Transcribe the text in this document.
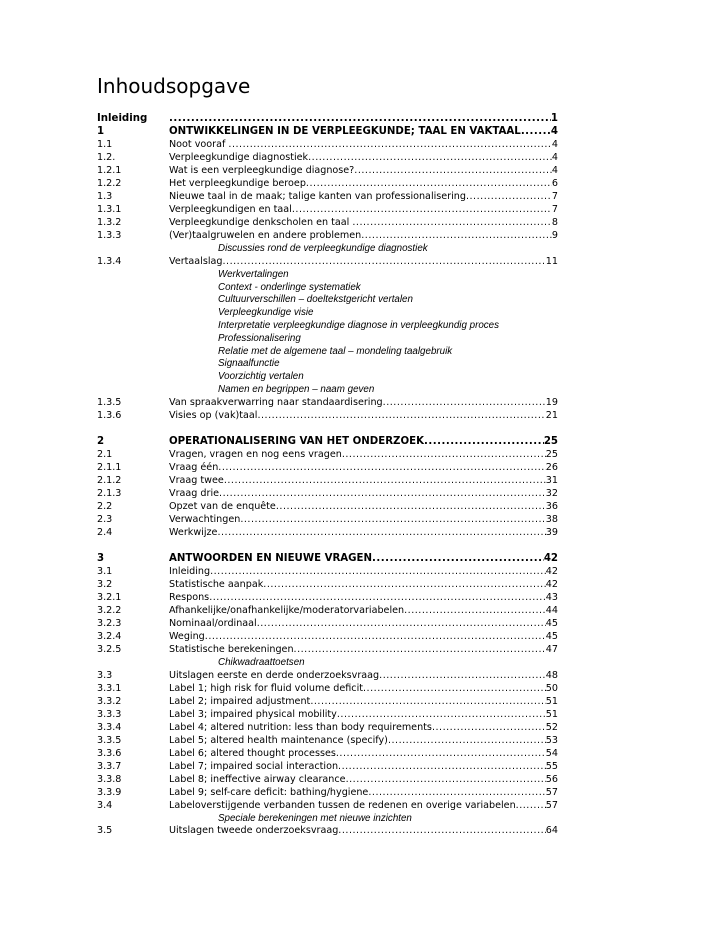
Inhoudsopgave
Inleiding .....	1
1	ONTWIKKELINGEN IN DE VERPLEEGKUNDE; TAAL EN VAKTAAL .....	4
1.1	Noot vooraf .....	4
1.2.	Verpleegkundige diagnostiek .....	4
1.2.1	Wat is een verpleegkundige diagnose? .....	4
1.2.2	Het verpleegkundige beroep .....	6
1.3	Nieuwe taal in de maak; talige kanten van professionalisering .....	7
1.3.1	Verpleegkundigen en taal .....	7
1.3.2	Verpleegkundige denkscholen en taal .....	8
1.3.3	(Ver)taalgruwelen en andere problemen .....	9
Discussies rond de verpleegkundige diagnostiek
1.3.4	Vertaalslag .....	11
Werkvertalingen
Context - onderlinge systematiek
Cultuurverschillen – doeltekstgericht vertalen
Verpleegkundige visie
Interpretatie verpleegkundige diagnose in verpleegkundig proces
Professionalisering
Relatie met de algemene taal – mondeling taalgebruik
Signaalfunctie
Voorzichtig vertalen
Namen en begrippen – naam geven
1.3.5	Van spraakverwarring naar standaardisering .....	19
1.3.6	Visies op (vak)taal .....	21
2	OPERATIONALISERING VAN HET ONDERZOEK .....	25
2.1	Vragen, vragen en nog eens vragen .....	25
2.1.1	Vraag één .....	26
2.1.2	Vraag twee .....	31
2.1.3	Vraag drie .....	32
2.2	Opzet van de enquête .....	36
2.3	Verwachtingen .....	38
2.4	Werkwijze .....	39
3	ANTWOORDEN EN NIEUWE VRAGEN .....	42
3.1	Inleiding .....	42
3.2	Statistische aanpak .....	42
3.2.1	Respons .....	43
3.2.2	Afhankelijke/onafhankelijke/moderatorvariabelen .....	44
3.2.3	Nominaal/ordinaal .....	45
3.2.4	Weging .....	45
3.2.5	Statistische berekeningen .....	47
Chikwadraattoetsen
3.3	Uitslagen eerste en derde onderzoeksvraag .....	48
3.3.1	Label 1; high risk for fluid volume deficit .....	50
3.3.2	Label 2; impaired adjustment .....	51
3.3.3	Label 3; impaired physical mobility .....	51
3.3.4	Label 4; altered nutrition: less than body requirements .....	52
3.3.5	Label 5; altered health maintenance (specify) .....	53
3.3.6	Label 6; altered thought processes .....	54
3.3.7	Label 7; impaired social interaction .....	55
3.3.8	Label 8; ineffective airway clearance .....	56
3.3.9	Label 9; self-care deficit: bathing/hygiene .....	57
3.4	Labeloverstijgende verbanden tussen de redenen en overige variabelen .....	57
Speciale berekeningen met nieuwe inzichten
3.5	Uitslagen tweede onderzoeksvraag .....	64
